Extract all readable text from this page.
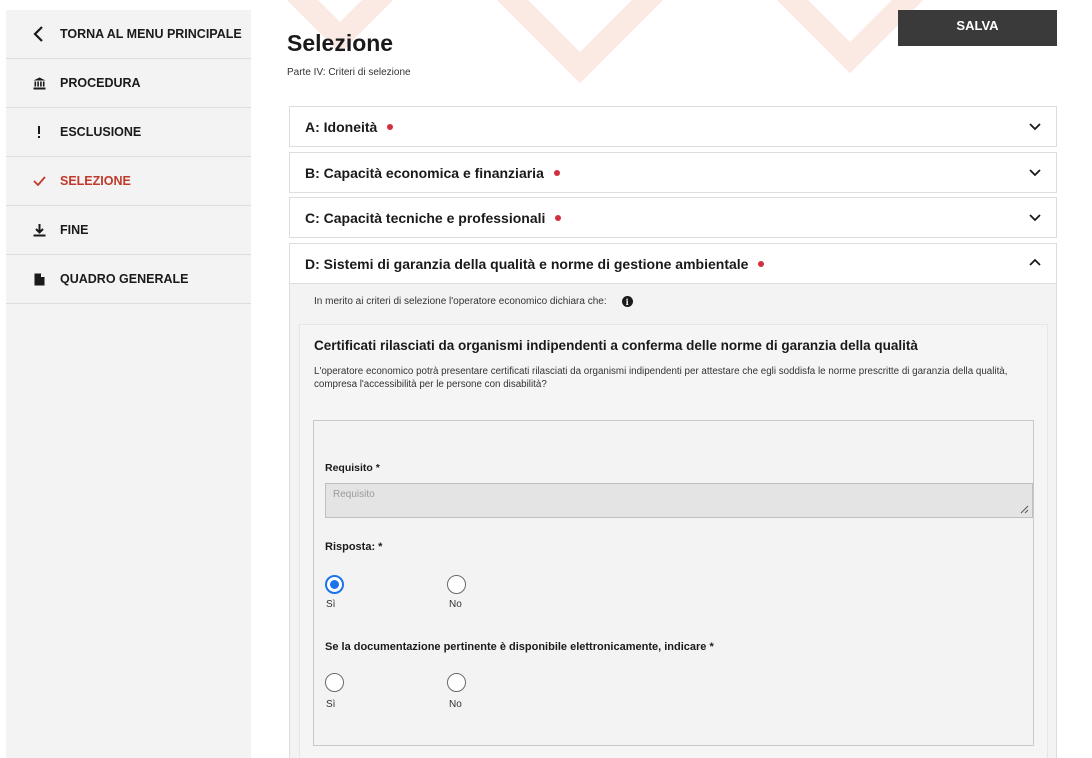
TORNA AL MENU PRINCIPALE
PROCEDURA
ESCLUSIONE
SELEZIONE
FINE
QUADRO GENERALE
Selezione
Parte IV: Criteri di selezione
SALVA
A: Idoneità
B: Capacità economica e finanziaria
C: Capacità tecniche e professionali
D: Sistemi di garanzia della qualità e norme di gestione ambientale
In merito ai criteri di selezione l'operatore economico dichiara che:	i
Certificati rilasciati da organismi indipendenti a conferma delle norme di garanzia della qualità
L'operatore economico potrà presentare certificati rilasciati da organismi indipendenti per attestare che egli soddisfa le norme prescritte di garanzia della qualità, compresa l'accessibilità per le persone con disabilità?
Requisito *
Requisito
Risposta: *
Sì	No
Se la documentazione pertinente è disponibile elettronicamente, indicare *
Sì	No
